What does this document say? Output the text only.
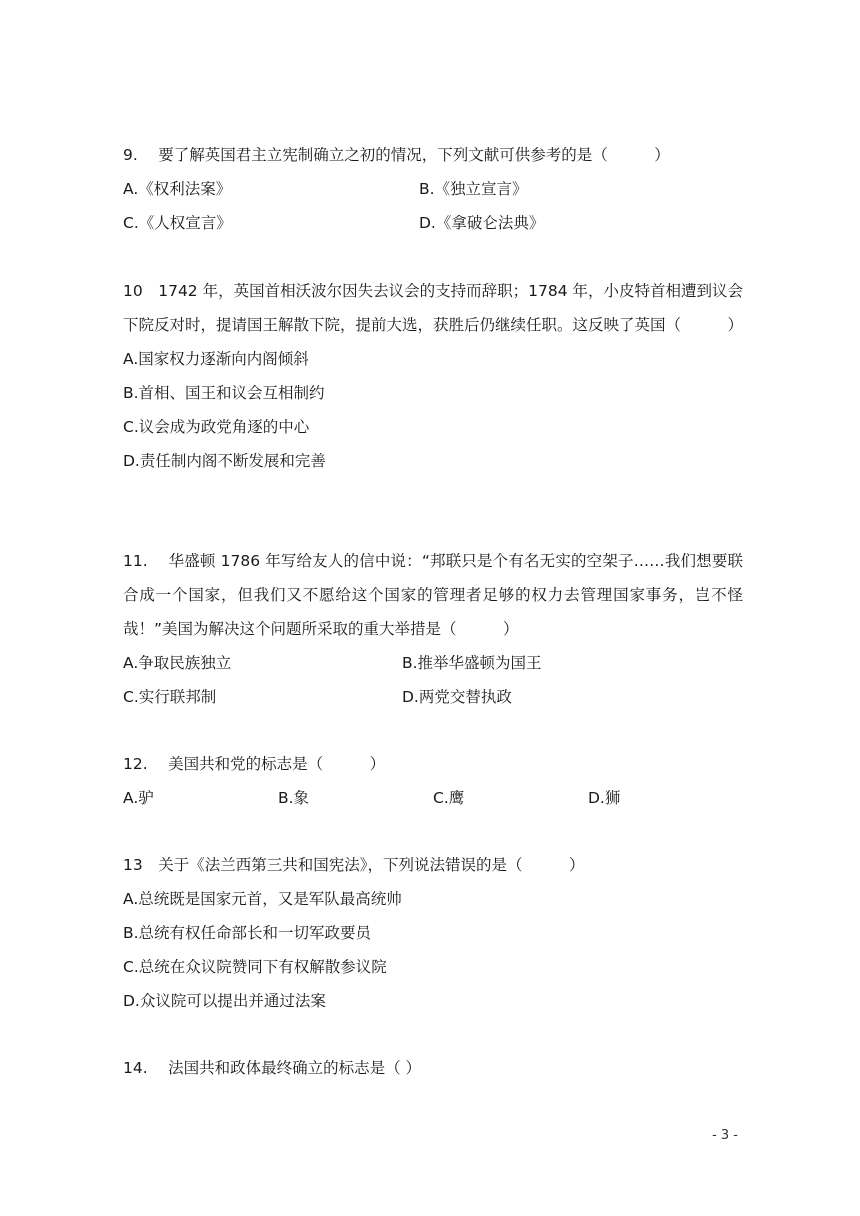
9.　 要了解英国君主立宪制确立之初的情况，下列文献可供参考的是（　　　）
A.《权利法案》	B.《独立宣言》
C.《人权宣言》	D.《拿破仑法典》

10　1742 年，英国首相沃波尔因失去议会的支持而辞职；1784 年，小皮特首相遭到议会下院反对时，提请国王解散下院，提前大选，获胜后仍继续任职。这反映了英国（　　　）

A.国家权力逐渐向内阁倾斜
B.首相、国王和议会互相制约
C.议会成为政党角逐的中心
D.责任制内阁不断发展和完善

11.　 华盛顿 1786 年写给友人的信中说：“邦联只是个有名无实的空架子……我们想要联合成一个国家，但我们又不愿给这个国家的管理者足够的权力去管理国家事务，岂不怪哉！”美国为解决这个问题所采取的重大举措是（　　　）

A.争取民族独立	B.推举华盛顿为国王
C.实行联邦制	D.两党交替执政
12.　 美国共和党的标志是（　　　）
A.驴	B.象	C.鹰	D.狮
13　关于《法兰西第三共和国宪法》，下列说法错误的是（　　　）
A.总统既是国家元首，又是军队最高统帅
B.总统有权任命部长和一切军政要员
C.总统在众议院赞同下有权解散参议院
D.众议院可以提出并通过法案
14.　 法国共和政体最终确立的标志是（ ）
- 3 -
